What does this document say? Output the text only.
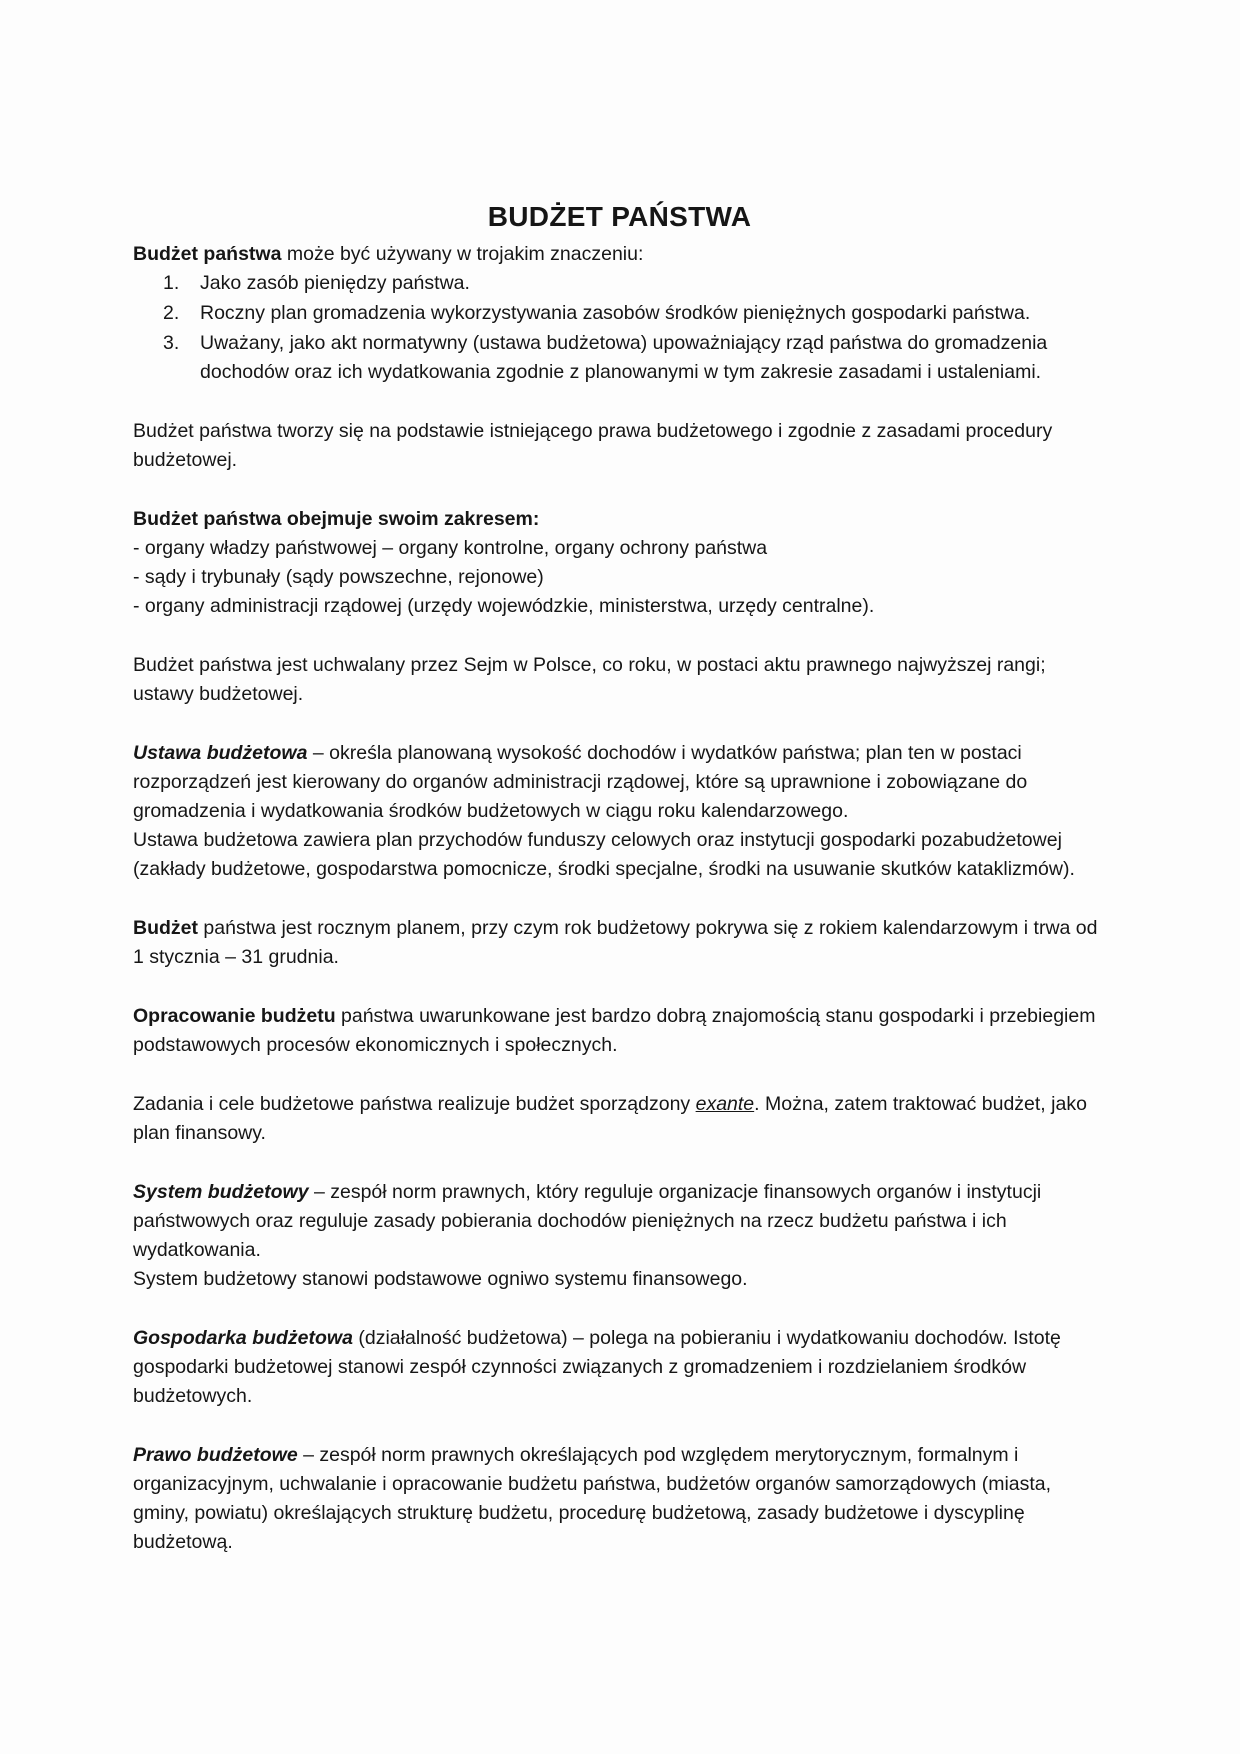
BUDŻET PAŃSTWA

Budżet państwa może być używany w trojakim znaczeniu:

Jako zasób pieniędzy państwa.
Roczny plan gromadzenia wykorzystywania zasobów środków pieniężnych gospodarki państwa.
Uważany, jako akt normatywny (ustawa budżetowa) upoważniający rząd państwa do gromadzenia dochodów oraz ich wydatkowania zgodnie z planowanymi w tym zakresie zasadami i ustaleniami.

Budżet państwa tworzy się na podstawie istniejącego prawa budżetowego i zgodnie z zasadami procedury budżetowej.

Budżet państwa obejmuje swoim zakresem:

- organy władzy państwowej – organy kontrolne, organy ochrony państwa

- sądy i trybunały (sądy powszechne, rejonowe)

- organy administracji rządowej (urzędy wojewódzkie, ministerstwa, urzędy centralne).

Budżet państwa jest uchwalany przez Sejm w Polsce, co roku, w postaci aktu prawnego najwyższej rangi; ustawy budżetowej.

Ustawa budżetowa – określa planowaną wysokość dochodów i wydatków państwa; plan ten w postaci rozporządzeń jest kierowany do organów administracji rządowej, które są uprawnione i zobowiązane do gromadzenia i wydatkowania środków budżetowych w ciągu roku kalendarzowego.

Ustawa budżetowa zawiera plan przychodów funduszy celowych oraz instytucji gospodarki pozabudżetowej (zakłady budżetowe, gospodarstwa pomocnicze, środki specjalne, środki na usuwanie skutków kataklizmów).

Budżet państwa jest rocznym planem, przy czym rok budżetowy pokrywa się z rokiem kalendarzowym i trwa od 1 stycznia – 31 grudnia.

Opracowanie budżetu państwa uwarunkowane jest bardzo dobrą znajomością stanu gospodarki i przebiegiem podstawowych procesów ekonomicznych i społecznych.

Zadania i cele budżetowe państwa realizuje budżet sporządzony exante. Można, zatem traktować budżet, jako plan finansowy.

System budżetowy – zespół norm prawnych, który reguluje organizacje finansowych organów i instytucji państwowych oraz reguluje zasady pobierania dochodów pieniężnych na rzecz budżetu państwa i ich wydatkowania.

System budżetowy stanowi podstawowe ogniwo systemu finansowego.

Gospodarka budżetowa (działalność budżetowa) – polega na pobieraniu i wydatkowaniu dochodów. Istotę gospodarki budżetowej stanowi zespół czynności związanych z gromadzeniem i rozdzielaniem środków budżetowych.

Prawo budżetowe – zespół norm prawnych określających pod względem merytorycznym, formalnym i organizacyjnym, uchwalanie i opracowanie budżetu państwa, budżetów organów samorządowych (miasta, gminy, powiatu) określających strukturę budżetu, procedurę budżetową, zasady budżetowe i dyscyplinę budżetową.
